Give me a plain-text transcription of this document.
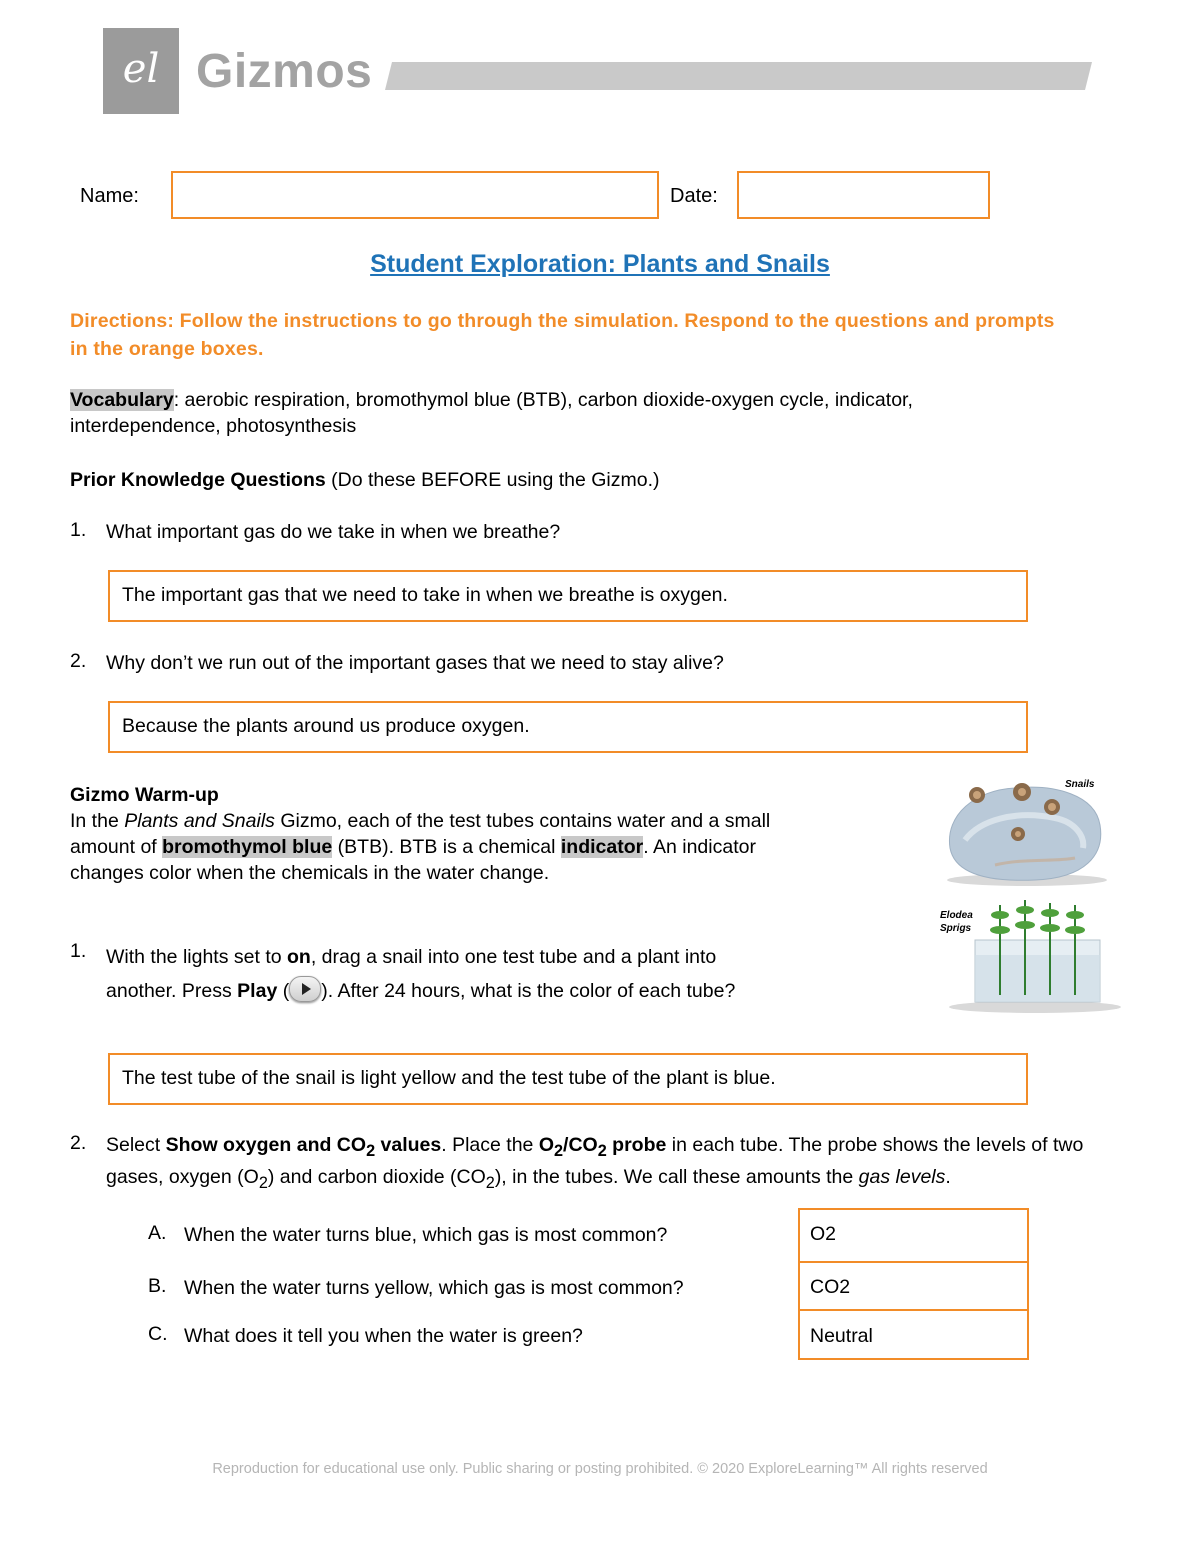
el Gizmos
Name:	Date:
Student Exploration: Plants and Snails
Directions: Follow the instructions to go through the simulation. Respond to the questions and prompts in the orange boxes.
Vocabulary: aerobic respiration, bromothymol blue (BTB), carbon dioxide-oxygen cycle, indicator, interdependence, photosynthesis
Prior Knowledge Questions (Do these BEFORE using the Gizmo.)
1. What important gas do we take in when we breathe?
The important gas that we need to take in when we breathe is oxygen.
2. Why don’t we run out of the important gases that we need to stay alive?
Because the plants around us produce oxygen.
Gizmo Warm-up
In the Plants and Snails Gizmo, each of the test tubes contains water and a small amount of bromothymol blue (BTB). BTB is a chemical indicator. An indicator changes color when the chemicals in the water change.
1. With the lights set to on, drag a snail into one test tube and a plant into another. Press Play ( ). After 24 hours, what is the color of each tube?
The test tube of the snail is light yellow and the test tube of the plant is blue.
2. Select Show oxygen and $CO_2$ values. Place the $O_2/CO_2$ probe in each tube. The probe shows the levels of two gases, oxygen $(O_2)$ and carbon dioxide $(CO_2)$, in the tubes. We call these amounts the gas levels.
A. When the water turns blue, which gas is most common?	O2
B. When the water turns yellow, which gas is most common?	CO2
C. What does it tell you when the water is green?	Neutral
Snails
Elodea
Sprigs
Reproduction for educational use only. Public sharing or posting prohibited. © 2020 ExploreLearning™ All rights reserved
